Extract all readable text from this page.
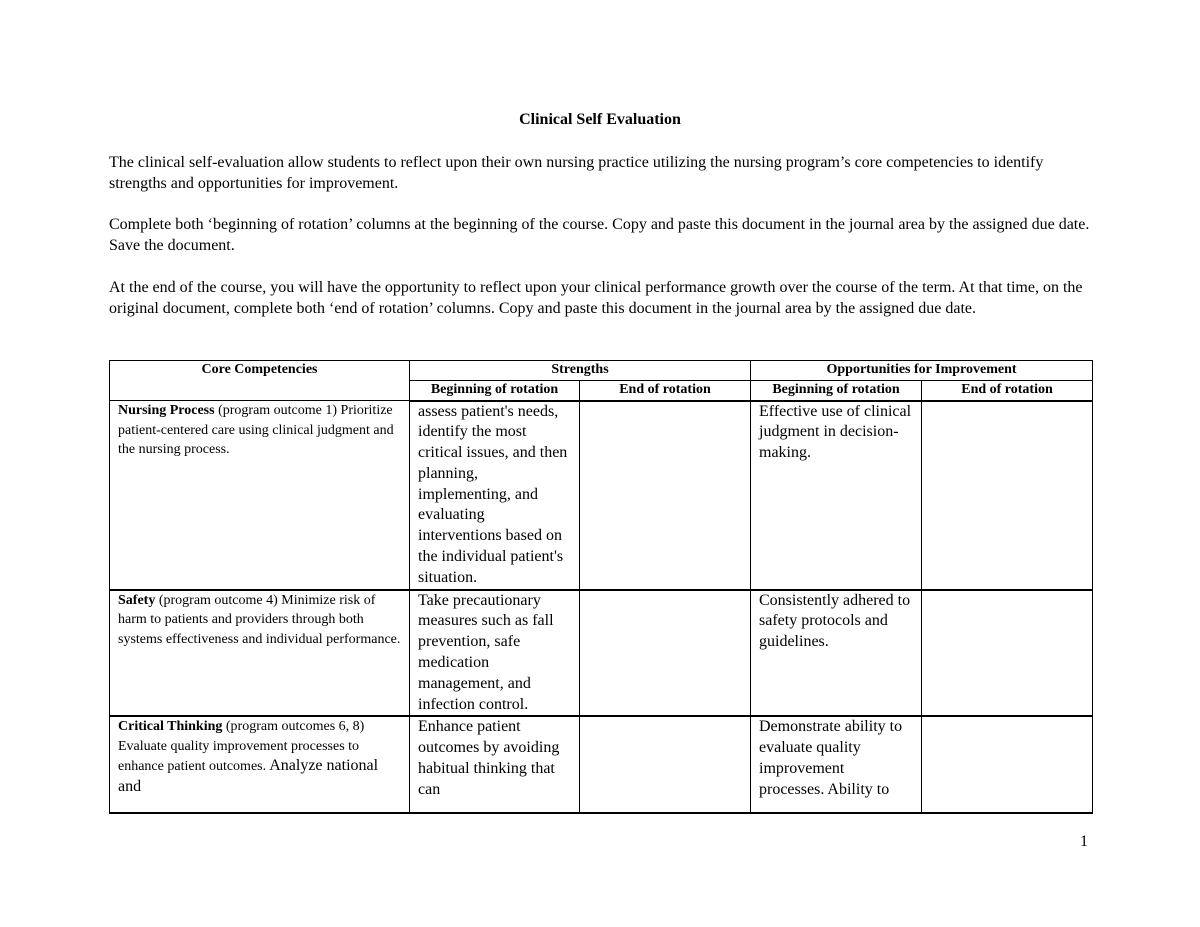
Clinical Self Evaluation

The clinical self-evaluation allow students to reflect upon their own nursing practice utilizing the nursing program’s core competencies to identify strengths and opportunities for improvement.

Complete both ‘beginning of rotation’ columns at the beginning of the course. Copy and paste this document in the journal area by the assigned due date. Save the document.

At the end of the course, you will have the opportunity to reflect upon your clinical performance growth over the course of the term. At that time, on the original document, complete both ‘end of rotation’ columns. Copy and paste this document in the journal area by the assigned due date.

Core Competencies	Strengths		Opportunities for Improvement	
	Beginning of rotation	End of rotation	Beginning of rotation	End of rotation
Nursing Process (program outcome 1) Prioritize patient-centered care using clinical judgment and the nursing process.	assess patient's needs, identify the most critical issues, and then planning, implementing, and evaluating interventions based on the individual patient's situation.		Effective use of clinical judgment in decision-making.	
Safety (program outcome 4) Minimize risk of harm to patients and providers through both systems effectiveness and individual performance.	Take precautionary measures such as fall prevention, safe medication management, and infection control.		Consistently adhered to safety protocols and guidelines.	
Critical Thinking (program outcomes 6, 8) Evaluate quality improvement processes to enhance patient outcomes. Analyze national and	Enhance patient outcomes by avoiding habitual thinking that can		Demonstrate ability to evaluate quality improvement processes. Ability to	
1
